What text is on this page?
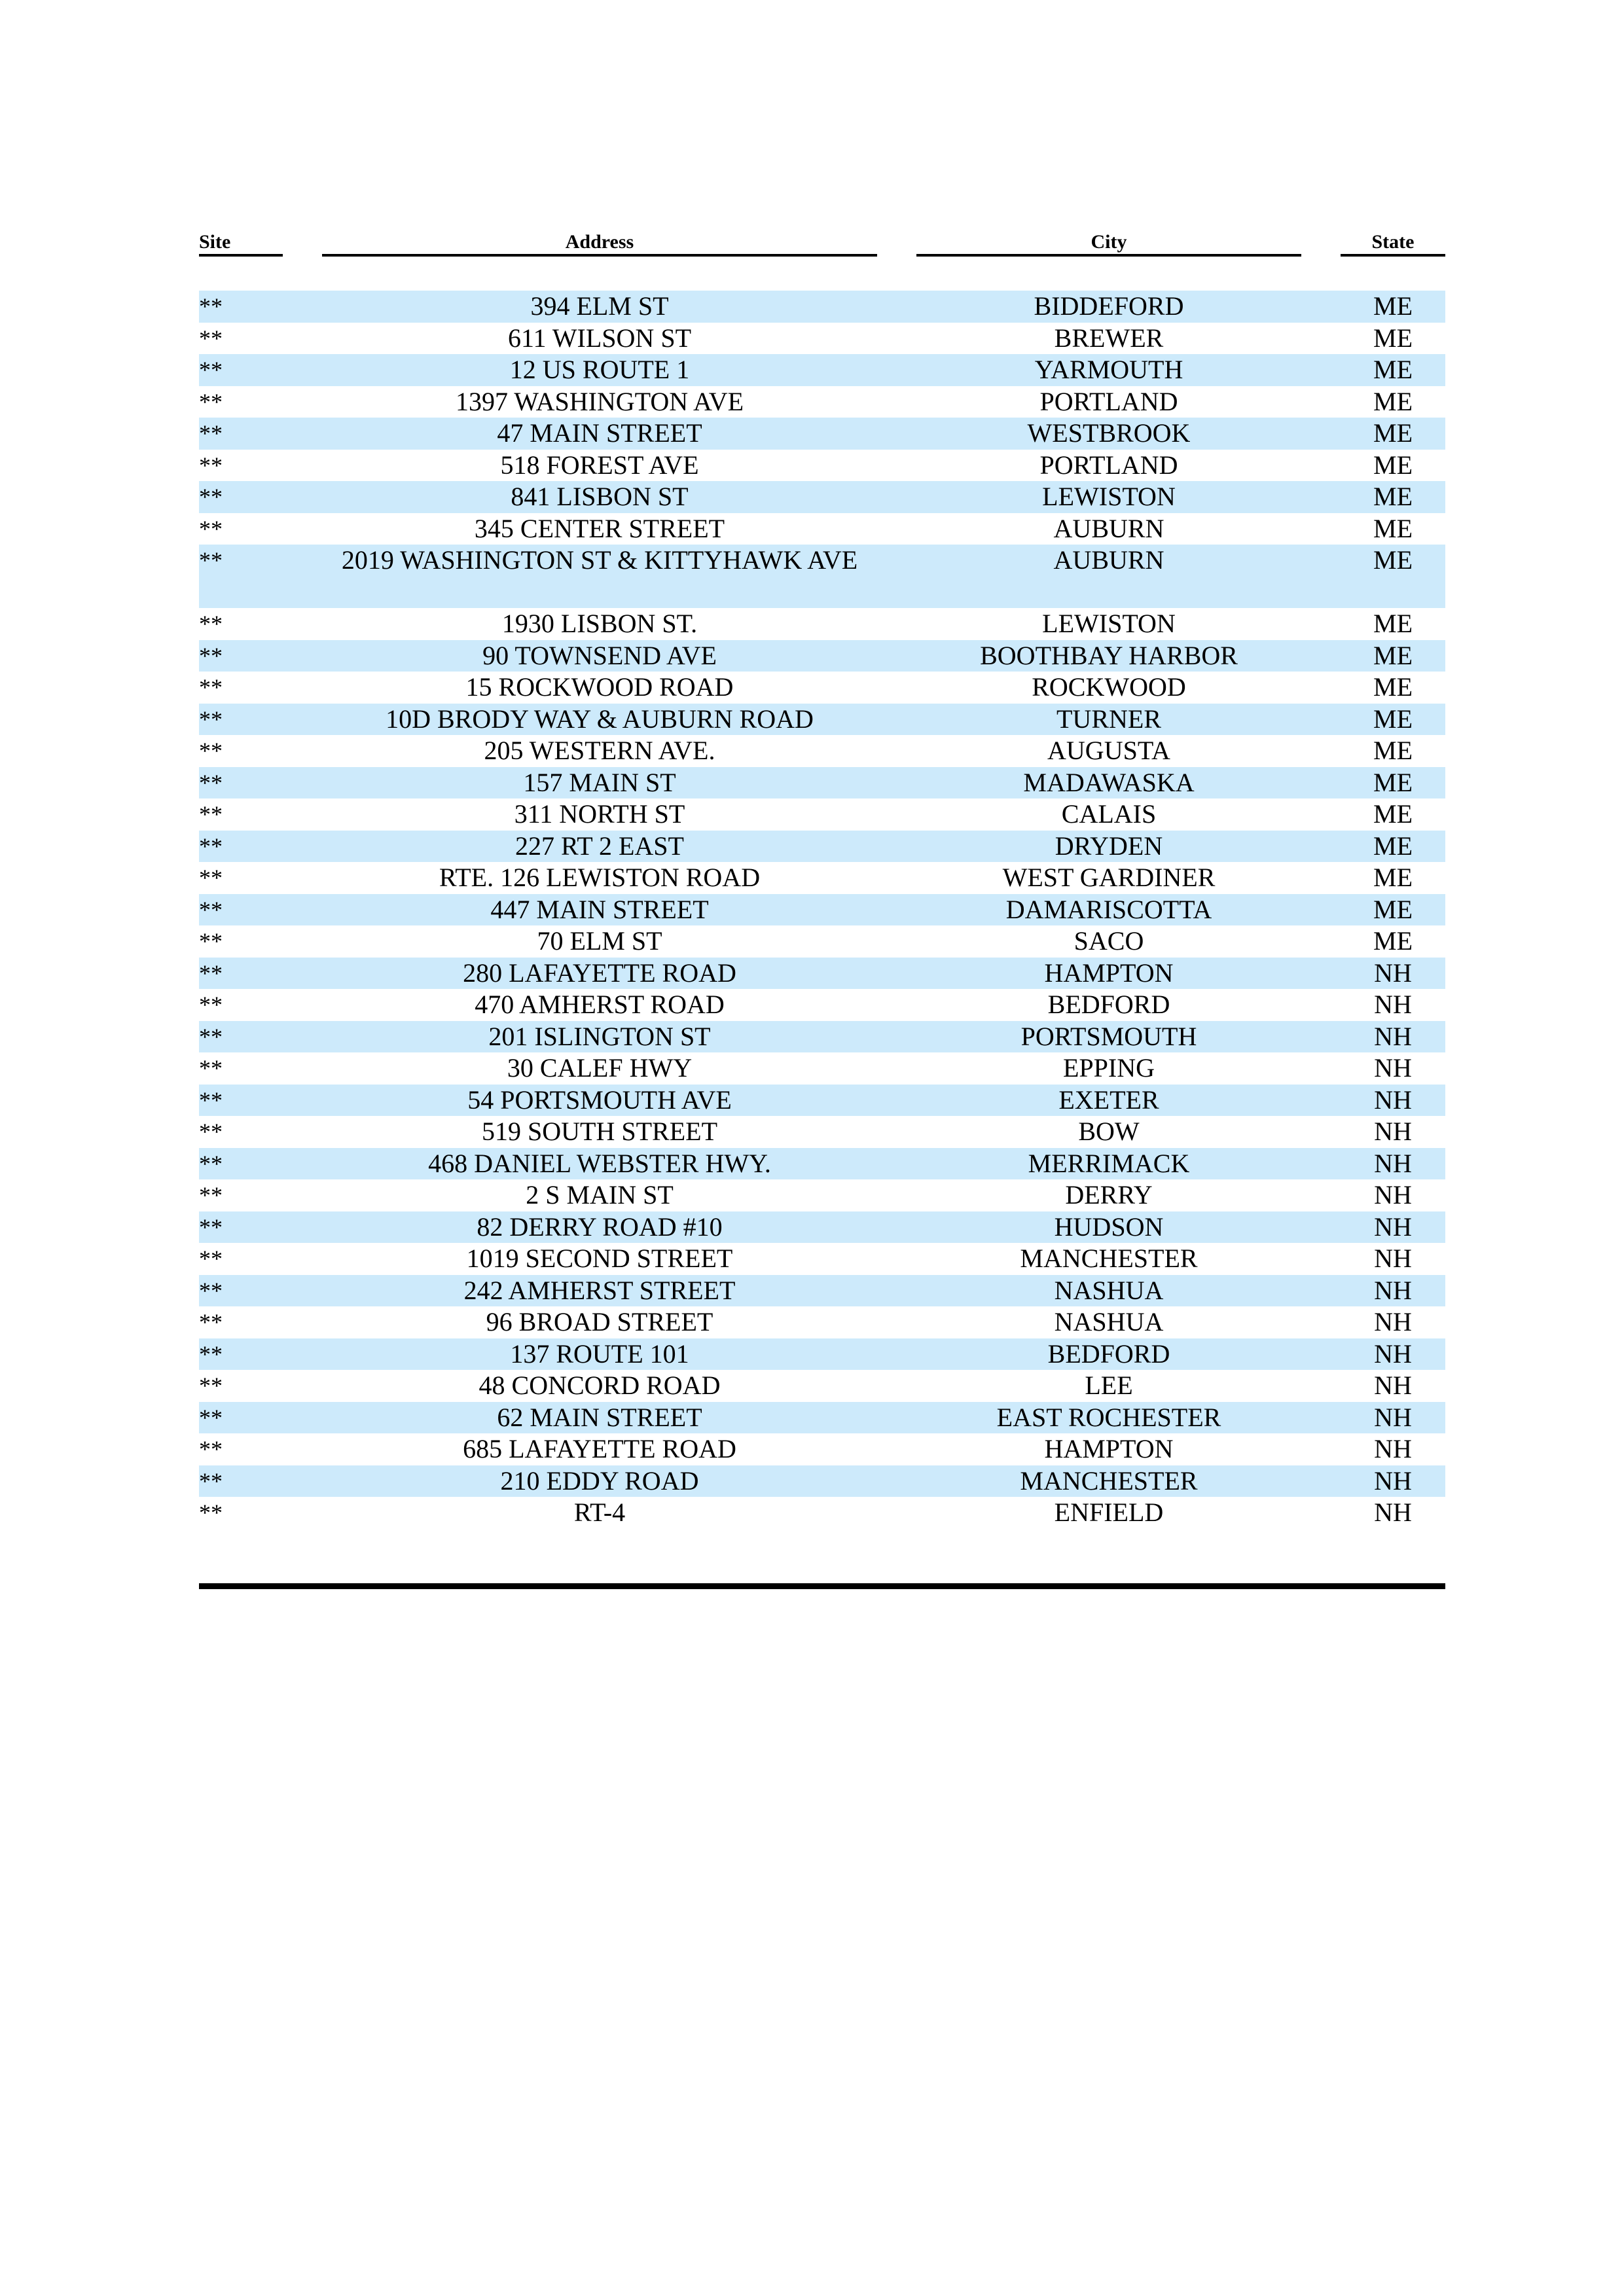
Site	Address	City	State
**	394 ELM ST	BIDDEFORD	ME
**	611 WILSON ST	BREWER	ME
**	12 US ROUTE 1	YARMOUTH	ME
**	1397 WASHINGTON AVE	PORTLAND	ME
**	47 MAIN STREET	WESTBROOK	ME
**	518 FOREST AVE	PORTLAND	ME
**	841 LISBON ST	LEWISTON	ME
**	345 CENTER STREET	AUBURN	ME
**	2019 WASHINGTON ST & KITTYHAWK AVE	AUBURN	ME
**	1930 LISBON ST.	LEWISTON	ME
**	90 TOWNSEND AVE	BOOTHBAY HARBOR	ME
**	15 ROCKWOOD ROAD	ROCKWOOD	ME
**	10D BRODY WAY & AUBURN ROAD	TURNER	ME
**	205 WESTERN AVE.	AUGUSTA	ME
**	157 MAIN ST	MADAWASKA	ME
**	311 NORTH ST	CALAIS	ME
**	227 RT 2 EAST	DRYDEN	ME
**	RTE. 126 LEWISTON ROAD	WEST GARDINER	ME
**	447 MAIN STREET	DAMARISCOTTA	ME
**	70 ELM ST	SACO	ME
**	280 LAFAYETTE ROAD	HAMPTON	NH
**	470 AMHERST ROAD	BEDFORD	NH
**	201 ISLINGTON ST	PORTSMOUTH	NH
**	30 CALEF HWY	EPPING	NH
**	54 PORTSMOUTH AVE	EXETER	NH
**	519 SOUTH STREET	BOW	NH
**	468 DANIEL WEBSTER HWY.	MERRIMACK	NH
**	2 S MAIN ST	DERRY	NH
**	82 DERRY ROAD #10	HUDSON	NH
**	1019 SECOND STREET	MANCHESTER	NH
**	242 AMHERST STREET	NASHUA	NH
**	96 BROAD STREET	NASHUA	NH
**	137 ROUTE 101	BEDFORD	NH
**	48 CONCORD ROAD	LEE	NH
**	62 MAIN STREET	EAST ROCHESTER	NH
**	685 LAFAYETTE ROAD	HAMPTON	NH
**	210 EDDY ROAD	MANCHESTER	NH
**	RT-4	ENFIELD	NH
